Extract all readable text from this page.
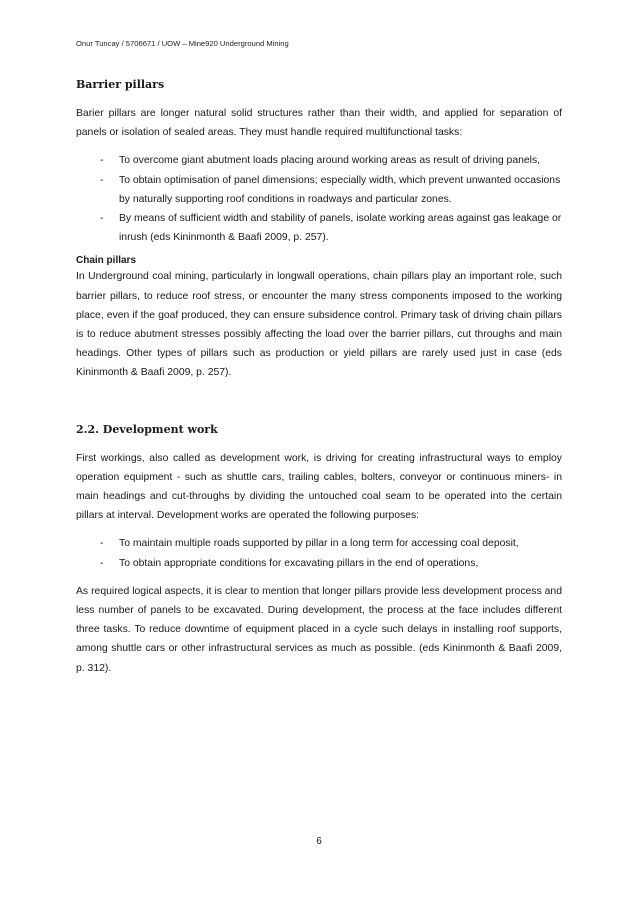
Onur Tuncay / 5706671 / UOW – Mine920 Underground Mining
Barrier pillars

Barier pillars are longer natural solid structures rather than their width, and applied for separation of panels or isolation of sealed areas. They must handle required multifunctional tasks:

- To overcome giant abutment loads placing around working areas as result of driving panels,
- To obtain optimisation of panel dimensions; especially width, which prevent unwanted occasions by naturally supporting roof conditions in roadways and particular zones.
- By means of sufficient width and stability of panels, isolate working areas against gas leakage or inrush (eds Kininmonth & Baafi 2009, p. 257).
Chain pillars

In Underground coal mining, particularly in longwall operations, chain pillars play an important role, such barrier pillars, to reduce roof stress, or encounter the many stress components imposed to the working place, even if the goaf produced, they can ensure subsidence control. Primary task of driving chain pillars is to reduce abutment stresses possibly affecting the load over the barrier pillars, cut throughs and main headings. Other types of pillars such as production or yield pillars are rarely used just in case (eds Kininmonth & Baafi 2009, p. 257).

2.2. Development work

First workings, also called as development work, is driving for creating infrastructural ways to employ operation equipment - such as shuttle cars, trailing cables, bolters, conveyor or continuous miners- in main headings and cut-throughs by dividing the untouched coal seam to be operated into the certain pillars at interval. Development works are operated the following purposes:

- To maintain multiple roads supported by pillar in a long term for accessing coal deposit,
- To obtain appropriate conditions for excavating pillars in the end of operations,

As required logical aspects, it is clear to mention that longer pillars provide less development process and less number of panels to be excavated. During development, the process at the face includes different three tasks. To reduce downtime of equipment placed in a cycle such delays in installing roof supports, among shuttle cars or other infrastructural services as much as possible. (eds Kininmonth & Baafi 2009, p. 312).

6
